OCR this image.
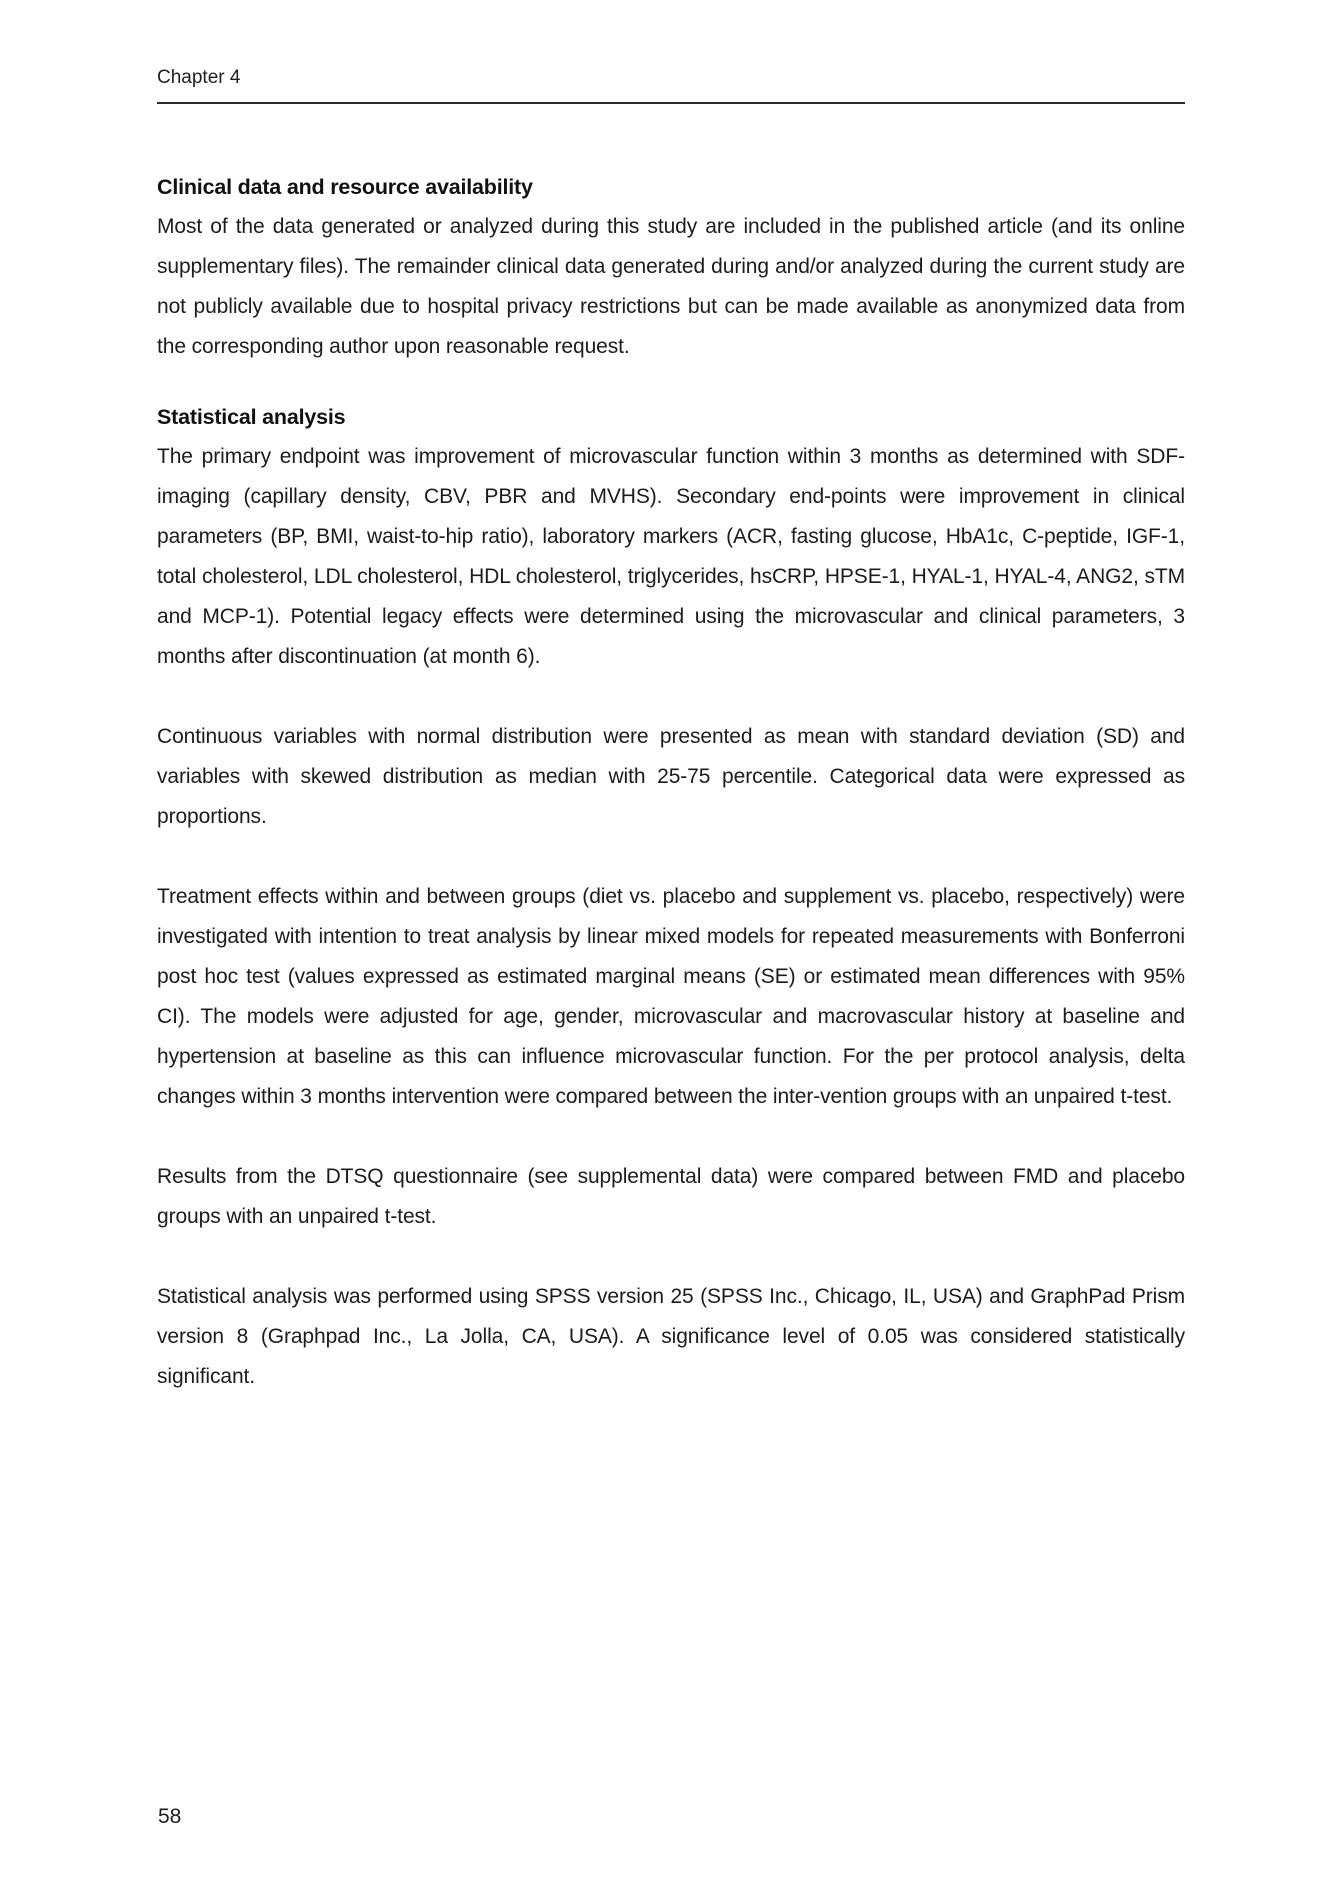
Chapter 4
Clinical data and resource availability

Most of the data generated or analyzed during this study are included in the published article (and its online supplementary files). The remainder clinical data generated during and/or analyzed during the current study are not publicly available due to hospital privacy restrictions but can be made available as anonymized data from the corresponding author upon reasonable request.

Statistical analysis

The primary endpoint was improvement of microvascular function within 3 months as determined with SDF-imaging (capillary density, CBV, PBR and MVHS). Secondary end-points were improvement in clinical parameters (BP, BMI, waist-to-hip ratio), laboratory markers (ACR, fasting glucose, HbA1c, C-peptide, IGF-1, total cholesterol, LDL cholesterol, HDL cholesterol, triglycerides, hsCRP, HPSE-1, HYAL-1, HYAL-4, ANG2, sTM and MCP-1). Potential legacy effects were determined using the microvascular and clinical parameters, 3 months after discontinuation (at month 6).

Continuous variables with normal distribution were presented as mean with standard deviation (SD) and variables with skewed distribution as median with 25-75 percentile. Categorical data were expressed as proportions.

Treatment effects within and between groups (diet vs. placebo and supplement vs. placebo, respectively) were investigated with intention to treat analysis by linear mixed models for repeated measurements with Bonferroni post hoc test (values expressed as estimated marginal means (SE) or estimated mean differences with 95% CI). The models were adjusted for age, gender, microvascular and macrovascular history at baseline and hypertension at baseline as this can influence microvascular function. For the per protocol analysis, delta changes within 3 months intervention were compared between the inter-vention groups with an unpaired t-test.

Results from the DTSQ questionnaire (see supplemental data) were compared between FMD and placebo groups with an unpaired t-test.

Statistical analysis was performed using SPSS version 25 (SPSS Inc., Chicago, IL, USA) and GraphPad Prism version 8 (Graphpad Inc., La Jolla, CA, USA). A significance level of 0.05 was considered statistically significant.

58
